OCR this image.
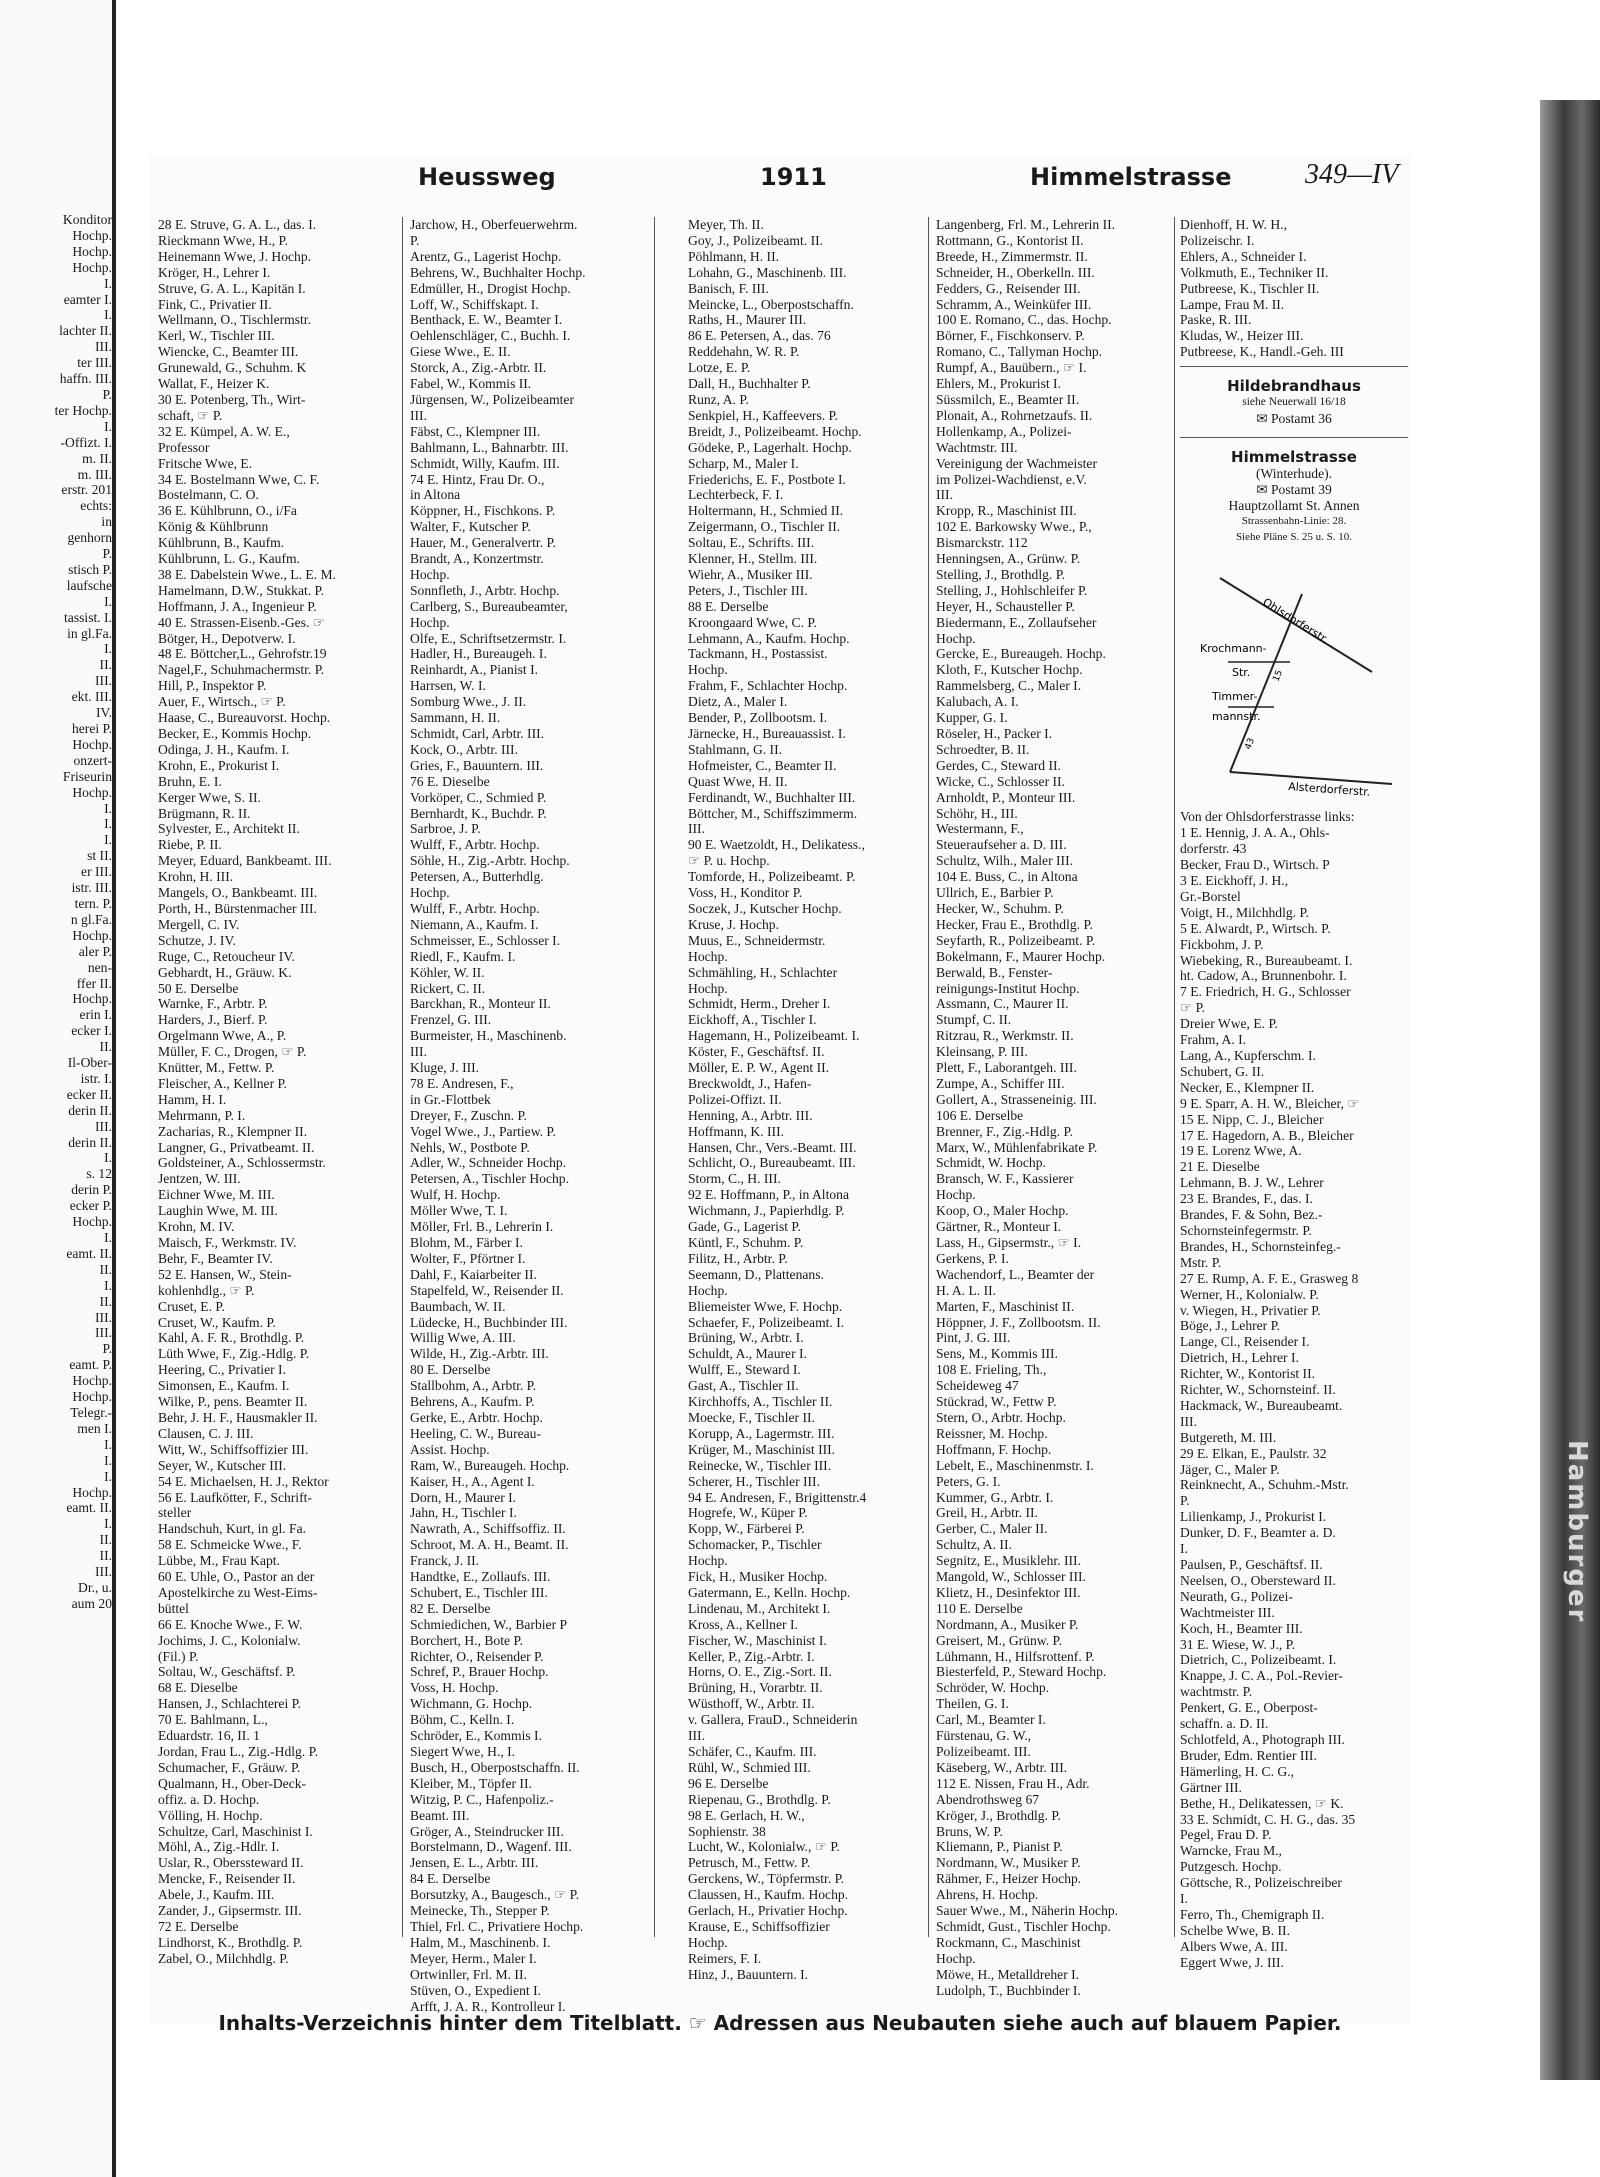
Konditor
Hochp.
Hochp.
Hochp.
I.
eamter I.
I.
lachter II.
III.
ter III.
haffn. III.
P.
ter Hochp.
I.
-Offizt. I.
m. II.
m. III.
erstr. 201
echts:
in
genhorn
P.
stisch P.
laufsche
I.
tassist. I.
in gl.Fa.
I.
II.
III.
ekt. III.
IV.
herei P.
Hochp.
onzert-
Friseurin
Hochp.
I.
I.
I.
st II.
er III.
istr. III.
tern. P.
n gl.Fa.
Hochp.
aler P.
nen-
ffer II.
Hochp.
erin I.
ecker I.
II.
Il-Ober-
istr. I.
ecker II.
derin II.
III.
derin II.
I.
s. 12
derin P.
ecker P.
Hochp.
I.
eamt. II.
II.
I.
II.
III.
III.
P.
eamt. P.
Hochp.
Hochp.
Telegr.-
men I.
I.
I.
I.
Hochp.
eamt. II.
I.
II.
II.
III.
Dr., u.
aum 20	Hamburger
Heussweg	1911	Himmelstrasse	349—IV
28 E. Struve, G. A. L., das. I.
Rieckmann Wwe, H., P.
Heinemann Wwe, J. Hochp.
Kröger, H., Lehrer I.
Struve, G. A. L., Kapitän I.
Fink, C., Privatier II.
Wellmann, O., Tischlermstr.
Kerl, W., Tischler III.
Wiencke, C., Beamter III.
Grunewald, G., Schuhm. K
Wallat, F., Heizer K.
30 E. Potenberg, Th., Wirt-
schaft, ☞ P.
32 E. Kümpel, A. W. E.,
Professor
Fritsche Wwe, E.
34 E. Bostelmann Wwe, C. F.
Bostelmann, C. O.
36 E. Kühlbrunn, O., i/Fa
König & Kühlbrunn
Kühlbrunn, B., Kaufm.
Kühlbrunn, L. G., Kaufm.
38 E. Dabelstein Wwe., L. E. M.
Hamelmann, D.W., Stukkat. P.
Hoffmann, J. A., Ingenieur P.
40 E. Strassen-Eisenb.-Ges. ☞
Bötger, H., Depotverw. I.
48 E. Böttcher,L., Gehrofstr.19
Nagel,F., Schuhmachermstr. P.
Hill, P., Inspektor P.
Auer, F., Wirtsch., ☞ P.
Haase, C., Bureauvorst. Hochp.
Becker, E., Kommis Hochp.
Odinga, J. H., Kaufm. I.
Krohn, E., Prokurist I.
Bruhn, E. I.
Kerger Wwe, S. II.
Brügmann, R. II.
Sylvester, E., Architekt II.
Riebe, P. II.
Meyer, Eduard, Bankbeamt. III.
Krohn, H. III.
Mangels, O., Bankbeamt. III.
Porth, H., Bürstenmacher III.
Mergell, C. IV.
Schutze, J. IV.
Ruge, C., Retoucheur IV.
Gebhardt, H., Gräuw. K.
50 E. Derselbe
Warnke, F., Arbtr. P.
Harders, J., Bierf. P.
Orgelmann Wwe, A., P.
Müller, F. C., Drogen, ☞ P.
Knütter, M., Fettw. P.
Fleischer, A., Kellner P.
Hamm, H. I.
Mehrmann, P. I.
Zacharias, R., Klempner II.
Langner, G., Privatbeamt. II.
Goldsteiner, A., Schlossermstr.
Jentzen, W. III.
Eichner Wwe, M. III.
Laughin Wwe, M. III.
Krohn, M. IV.
Maisch, F., Werkmstr. IV.
Behr, F., Beamter IV.
52 E. Hansen, W., Stein-
kohlenhdlg., ☞ P.
Cruset, E. P.
Cruset, W., Kaufm. P.
Kahl, A. F. R., Brothdlg. P.
Lüth Wwe, F., Zig.-Hdlg. P.
Heering, C., Privatier I.
Simonsen, E., Kaufm. I.
Wilke, P., pens. Beamter II.
Behr, J. H. F., Hausmakler II.
Clausen, C. J. III.
Witt, W., Schiffsoffizier III.
Seyer, W., Kutscher III.
54 E. Michaelsen, H. J., Rektor
56 E. Laufkötter, F., Schrift-
steller
Handschuh, Kurt, in gl. Fa.
58 E. Schmeicke Wwe., F.
Lübbe, M., Frau Kapt.
60 E. Uhle, O., Pastor an der
Apostelkirche zu West-Eims-
büttel
66 E. Knoche Wwe., F. W.
Jochims, J. C., Kolonialw.
(Fil.) P.
Soltau, W., Geschäftsf. P.
68 E. Dieselbe
Hansen, J., Schlachterei P.
70 E. Bahlmann, L.,
Eduardstr. 16, II. 1
Jordan, Frau L., Zig.-Hdlg. P.
Schumacher, F., Gräuw. P.
Qualmann, H., Ober-Deck-
offiz. a. D. Hochp.
Völling, H. Hochp.
Schultze, Carl, Maschinist I.
Möhl, A., Zig.-Hdlr. I.
Uslar, R., Oberssteward II.
Mencke, F., Reisender II.
Abele, J., Kaufm. III.
Zander, J., Gipsermstr. III.
72 E. Derselbe
Lindhorst, K., Brothdlg. P.
Zabel, O., Milchhdlg. P.
Jarchow, H., Oberfeuerwehrm.
P.
Arentz, G., Lagerist Hochp.
Behrens, W., Buchhalter Hochp.
Edmüller, H., Drogist Hochp.
Loff, W., Schiffskapt. I.
Benthack, E. W., Beamter I.
Oehlenschläger, C., Buchh. I.
Giese Wwe., E. II.
Storck, A., Zig.-Arbtr. II.
Fabel, W., Kommis II.
Jürgensen, W., Polizeibeamter
III.
Fäbst, C., Klempner III.
Bahlmann, L., Bahnarbtr. III.
Schmidt, Willy, Kaufm. III.
74 E. Hintz, Frau Dr. O.,
in Altona
Köppner, H., Fischkons. P.
Walter, F., Kutscher P.
Hauer, M., Generalvertr. P.
Brandt, A., Konzertmstr.
Hochp.
Sonnfleth, J., Arbtr. Hochp.
Carlberg, S., Bureaubeamter,
Hochp.
Olfe, E., Schriftsetzermstr. I.
Hadler, H., Bureaugeh. I.
Reinhardt, A., Pianist I.
Harrsen, W. I.
Somburg Wwe., J. II.
Sammann, H. II.
Schmidt, Carl, Arbtr. III.
Kock, O., Arbtr. III.
Gries, F., Bauuntern. III.
76 E. Dieselbe
Vorköper, C., Schmied P.
Bernhardt, K., Buchdr. P.
Sarbroe, J. P.
Wulff, F., Arbtr. Hochp.
Söhle, H., Zig.-Arbtr. Hochp.
Petersen, A., Butterhdlg.
Hochp.
Wulff, F., Arbtr. Hochp.
Niemann, A., Kaufm. I.
Schmeisser, E., Schlosser I.
Riedl, F., Kaufm. I.
Köhler, W. II.
Rickert, C. II.
Barckhan, R., Monteur II.
Frenzel, G. III.
Burmeister, H., Maschinenb.
III.
Kluge, J. III.
78 E. Andresen, F.,
in Gr.-Flottbek
Dreyer, F., Zuschn. P.
Vogel Wwe., J., Partiew. P.
Nehls, W., Postbote P.
Adler, W., Schneider Hochp.
Petersen, A., Tischler Hochp.
Wulf, H. Hochp.
Möller Wwe, T. I.
Möller, Frl. B., Lehrerin I.
Blohm, M., Färber I.
Wolter, F., Pförtner I.
Dahl, F., Kaiarbeiter II.
Stapelfeld, W., Reisender II.
Baumbach, W. II.
Lüdecke, H., Buchbinder III.
Willig Wwe, A. III.
Wilde, H., Zig.-Arbtr. III.
80 E. Derselbe
Stallbohm, A., Arbtr. P.
Behrens, A., Kaufm. P.
Gerke, E., Arbtr. Hochp.
Heeling, C. W., Bureau-
Assist. Hochp.
Ram, W., Bureaugeh. Hochp.
Kaiser, H., A., Agent I.
Dorn, H., Maurer I.
Jahn, H., Tischler I.
Nawrath, A., Schiffsoffiz. II.
Schroot, M. A. H., Beamt. II.
Franck, J. II.
Handtke, E., Zollaufs. III.
Schubert, E., Tischler III.
82 E. Derselbe
Schmiedichen, W., Barbier P
Borchert, H., Bote P.
Richter, O., Reisender P.
Schref, P., Brauer Hochp.
Voss, H. Hochp.
Wichmann, G. Hochp.
Böhm, C., Kelln. I.
Schröder, E., Kommis I.
Siegert Wwe, H., I.
Busch, H., Oberpostschaffn. II.
Kleiber, M., Töpfer II.
Witzig, P. C., Hafenpoliz.-
Beamt. III.
Gröger, A., Steindrucker III.
Borstelmann, D., Wagenf. III.
Jensen, E. L., Arbtr. III.
84 E. Derselbe
Borsutzky, A., Baugesch., ☞ P.
Meinecke, Th., Stepper P.
Thiel, Frl. C., Privatiere Hochp.
Halm, M., Maschinenb. I.
Meyer, Herm., Maler I.
Ortwinller, Frl. M. II.
Stüven, O., Expedient I.
Arfft, J. A. R., Kontrolleur I.
Meyer, Th. II.
Goy, J., Polizeibeamt. II.
Pöhlmann, H. II.
Lohahn, G., Maschinenb. III.
Banisch, F. III.
Meincke, L., Oberpostschaffn.
Raths, H., Maurer III.
86 E. Petersen, A., das. 76
Reddehahn, W. R. P.
Lotze, E. P.
Dall, H., Buchhalter P.
Runz, A. P.
Senkpiel, H., Kaffeevers. P.
Breidt, J., Polizeibeamt. Hochp.
Gödeke, P., Lagerhalt. Hochp.
Scharp, M., Maler I.
Friederichs, E. F., Postbote I.
Lechterbeck, F. I.
Holtermann, H., Schmied II.
Zeigermann, O., Tischler II.
Soltau, E., Schrifts. III.
Klenner, H., Stellm. III.
Wiehr, A., Musiker III.
Peters, J., Tischler III.
88 E. Derselbe
Kroongaard Wwe, C. P.
Lehmann, A., Kaufm. Hochp.
Tackmann, H., Postassist.
Hochp.
Frahm, F., Schlachter Hochp.
Dietz, A., Maler I.
Bender, P., Zollbootsm. I.
Järnecke, H., Bureauassist. I.
Stahlmann, G. II.
Hofmeister, C., Beamter II.
Quast Wwe, H. II.
Ferdinandt, W., Buchhalter III.
Böttcher, M., Schiffszimmerm.
III.
90 E. Waetzoldt, H., Delikatess.,
☞ P. u. Hochp.
Tomforde, H., Polizeibeamt. P.
Voss, H., Konditor P.
Soczek, J., Kutscher Hochp.
Kruse, J. Hochp.
Muus, E., Schneidermstr.
Hochp.
Schmähling, H., Schlachter
Hochp.
Schmidt, Herm., Dreher I.
Eickhoff, A., Tischler I.
Hagemann, H., Polizeibeamt. I.
Köster, F., Geschäftsf. II.
Möller, E. P. W., Agent II.
Breckwoldt, J., Hafen-
Polizei-Offizt. II.
Henning, A., Arbtr. III.
Hoffmann, K. III.
Hansen, Chr., Vers.-Beamt. III.
Schlicht, O., Bureaubeamt. III.
Storm, C., H. III.
92 E. Hoffmann, P., in Altona
Wichmann, J., Papierhdlg. P.
Gade, G., Lagerist P.
Küntl, F., Schuhm. P.
Filitz, H., Arbtr. P.
Seemann, D., Plattenans.
Hochp.
Bliemeister Wwe, F. Hochp.
Schaefer, F., Polizeibeamt. I.
Brüning, W., Arbtr. I.
Schuldt, A., Maurer I.
Wulff, E., Steward I.
Gast, A., Tischler II.
Kirchhoffs, A., Tischler II.
Moecke, F., Tischler II.
Korupp, A., Lagermstr. III.
Krüger, M., Maschinist III.
Reinecke, W., Tischler III.
Scherer, H., Tischler III.
94 E. Andresen, F., Brigittenstr.4
Hogrefe, W., Küper P.
Kopp, W., Färberei P.
Schomacker, P., Tischler
Hochp.
Fick, H., Musiker Hochp.
Gatermann, E., Kelln. Hochp.
Lindenau, M., Architekt I.
Kross, A., Kellner I.
Fischer, W., Maschinist I.
Keller, P., Zig.-Arbtr. I.
Horns, O. E., Zig.-Sort. II.
Brüning, H., Vorarbtr. II.
Wüsthoff, W., Arbtr. II.
v. Gallera, FrauD., Schneiderin
III.
Schäfer, C., Kaufm. III.
Rühl, W., Schmied III.
96 E. Derselbe
Riepenau, G., Brothdlg. P.
98 E. Gerlach, H. W.,
Sophienstr. 38
Lucht, W., Kolonialw., ☞ P.
Petrusch, M., Fettw. P.
Gerckens, W., Töpfermstr. P.
Claussen, H., Kaufm. Hochp.
Gerlach, H., Privatier Hochp.
Krause, E., Schiffsoffizier
Hochp.
Reimers, F. I.
Hinz, J., Bauuntern. I.
Langenberg, Frl. M., Lehrerin II.
Rottmann, G., Kontorist II.
Breede, H., Zimmermstr. II.
Schneider, H., Oberkelln. III.
Fedders, G., Reisender III.
Schramm, A., Weinküfer III.
100 E. Romano, C., das. Hochp.
Börner, F., Fischkonserv. P.
Romano, C., Tallyman Hochp.
Rumpf, A., Bauübern., ☞ I.
Ehlers, M., Prokurist I.
Süssmilch, E., Beamter II.
Plonait, A., Rohrnetzaufs. II.
Hollenkamp, A., Polizei-
Wachtmstr. III.
Vereinigung der Wachmeister
im Polizei-Wachdienst, e.V.
III.
Kropp, R., Maschinist III.
102 E. Barkowsky Wwe., P.,
Bismarckstr. 112
Henningsen, A., Grünw. P.
Stelling, J., Brothdlg. P.
Stelling, J., Hohlschleifer P.
Heyer, H., Schausteller P.
Biedermann, E., Zollaufseher
Hochp.
Gercke, E., Bureaugeh. Hochp.
Kloth, F., Kutscher Hochp.
Rammelsberg, C., Maler I.
Kalubach, A. I.
Kupper, G. I.
Röseler, H., Packer I.
Schroedter, B. II.
Gerdes, C., Steward II.
Wicke, C., Schlosser II.
Arnholdt, P., Monteur III.
Schöhr, H., III.
Westermann, F.,
Steueraufseher a. D. III.
Schultz, Wilh., Maler III.
104 E. Buss, C., in Altona
Ullrich, E., Barbier P.
Hecker, W., Schuhm. P.
Hecker, Frau E., Brothdlg. P.
Seyfarth, R., Polizeibeamt. P.
Bokelmann, F., Maurer Hochp.
Berwald, B., Fenster-
reinigungs-Institut Hochp.
Assmann, C., Maurer II.
Stumpf, C. II.
Ritzrau, R., Werkmstr. II.
Kleinsang, P. III.
Plett, F., Laborantgeh. III.
Zumpe, A., Schiffer III.
Gollert, A., Strasseneinig. III.
106 E. Derselbe
Brenner, F., Zig.-Hdlg. P.
Marx, W., Mühlenfabrikate P.
Schmidt, W. Hochp.
Bransch, W. F., Kassierer
Hochp.
Koop, O., Maler Hochp.
Gärtner, R., Monteur I.
Lass, H., Gipsermstr., ☞ I.
Gerkens, P. I.
Wachendorf, L., Beamter der
H. A. L. II.
Marten, F., Maschinist II.
Höppner, J. F., Zollbootsm. II.
Pint, J. G. III.
Sens, M., Kommis III.
108 E. Frieling, Th.,
Scheideweg 47
Stückrad, W., Fettw P.
Stern, O., Arbtr. Hochp.
Reissner, M. Hochp.
Hoffmann, F. Hochp.
Lebelt, E., Maschinenmstr. I.
Peters, G. I.
Kummer, G., Arbtr. I.
Greil, H., Arbtr. II.
Gerber, C., Maler II.
Schultz, A. II.
Segnitz, E., Musiklehr. III.
Mangold, W., Schlosser III.
Klietz, H., Desinfektor III.
110 E. Derselbe
Nordmann, A., Musiker P.
Greisert, M., Grünw. P.
Lühmann, H., Hilfsrottenf. P.
Biesterfeld, P., Steward Hochp.
Schröder, W. Hochp.
Theilen, G. I.
Carl, M., Beamter I.
Fürstenau, G. W.,
Polizeibeamt. III.
Käseberg, W., Arbtr. III.
112 E. Nissen, Frau H., Adr.
Abendrothsweg 67
Kröger, J., Brothdlg. P.
Bruns, W. P.
Kliemann, P., Pianist P.
Nordmann, W., Musiker P.
Rähmer, F., Heizer Hochp.
Ahrens, H. Hochp.
Sauer Wwe., M., Näherin Hochp.
Schmidt, Gust., Tischler Hochp.
Rockmann, C., Maschinist
Hochp.
Möwe, H., Metalldreher I.
Ludolph, T., Buchbinder I.
Dienhoff, H. W. H.,
Polizeischr. I.
Ehlers, A., Schneider I.
Volkmuth, E., Techniker II.
Putbreese, K., Tischler II.
Lampe, Frau M. II.
Paske, R. III.
Kludas, W., Heizer III.
Putbreese, K., Handl.-Geh. III
Hildebrandhaus
siehe Neuerwall 16/18
✉ Postamt 36
Himmelstrasse
(Winterhude).
✉ Postamt 39
Hauptzollamt St. Annen
Strassenbahn-Linie: 28.
Siehe Pläne S. 25 u. S. 10.
Ohlsdorferstr.
Krochmann-
Str.
Timmer-
mannstr.
Alsterdorferstr.
15
43
Von der Ohlsdorferstrasse links:
1 E. Hennig, J. A. A., Ohls-
dorferstr. 43
Becker, Frau D., Wirtsch. P
3 E. Eickhoff, J. H.,
Gr.-Borstel
Voigt, H., Milchhdlg. P.
5 E. Alwardt, P., Wirtsch. P.
Fickbohm, J. P.
Wiebeking, R., Bureaubeamt. I.
ht. Cadow, A., Brunnenbohr. I.
7 E. Friedrich, H. G., Schlosser
☞ P.
Dreier Wwe, E. P.
Frahm, A. I.
Lang, A., Kupferschm. I.
Schubert, G. II.
Necker, E., Klempner II.
9 E. Sparr, A. H. W., Bleicher, ☞
15 E. Nipp, C. J., Bleicher
17 E. Hagedorn, A. B., Bleicher
19 E. Lorenz Wwe, A.
21 E. Dieselbe
Lehmann, B. J. W., Lehrer
23 E. Brandes, F., das. I.
Brandes, F. & Sohn, Bez.-
Schornsteinfegermstr. P.
Brandes, H., Schornsteinfeg.-
Mstr. P.
27 E. Rump, A. F. E., Grasweg 8
Werner, H., Kolonialw. P.
v. Wiegen, H., Privatier P.
Böge, J., Lehrer P.
Lange, Cl., Reisender I.
Dietrich, H., Lehrer I.
Richter, W., Kontorist II.
Richter, W., Schornsteinf. II.
Hackmack, W., Bureaubeamt.
III.
Butgereth, M. III.
29 E. Elkan, E., Paulstr. 32
Jäger, C., Maler P.
Reinknecht, A., Schuhm.-Mstr.
P.
Lilienkamp, J., Prokurist I.
Dunker, D. F., Beamter a. D.
I.
Paulsen, P., Geschäftsf. II.
Neelsen, O., Obersteward II.
Neurath, G., Polizei-
Wachtmeister III.
Koch, H., Beamter III.
31 E. Wiese, W. J., P.
Dietrich, C., Polizeibeamt. I.
Knappe, J. C. A., Pol.-Revier-
wachtmstr. P.
Penkert, G. E., Oberpost-
schaffn. a. D. II.
Schlotfeld, A., Photograph III.
Bruder, Edm. Rentier III.
Hämerling, H. C. G.,
Gärtner III.
Bethe, H., Delikatessen, ☞ K.
33 E. Schmidt, C. H. G., das. 35
Pegel, Frau D. P.
Warncke, Frau M.,
Putzgesch. Hochp.
Göttsche, R., Polizeischreiber
I.
Ferro, Th., Chemigraph II.
Schelbe Wwe, B. II.
Albers Wwe, A. III.
Eggert Wwe, J. III.
Inhalts-Verzeichnis hinter dem Titelblatt. ☞ Adressen aus Neubauten siehe auch auf blauem Papier.
